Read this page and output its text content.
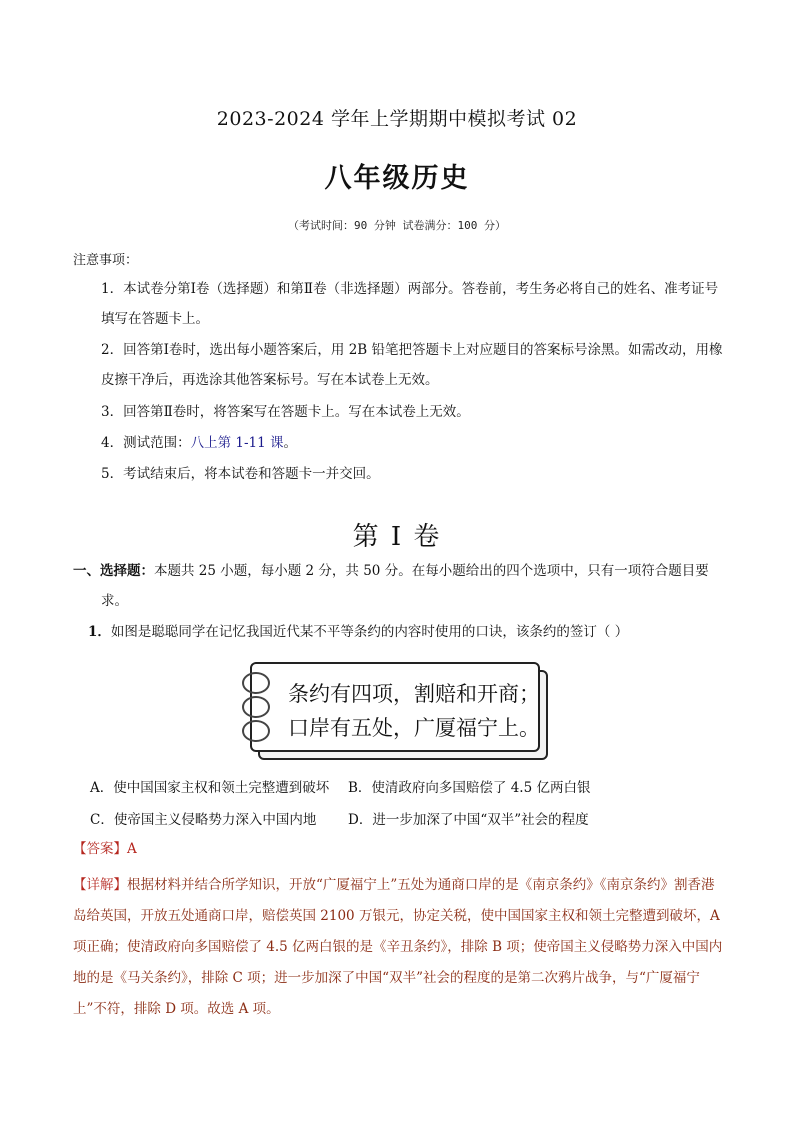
2023-2024 学年上学期期中模拟考试 02
八年级历史
（考试时间：90 分钟 试卷满分：100 分）
注意事项：
1．本试卷分第Ⅰ卷（选择题）和第Ⅱ卷（非选择题）两部分。答卷前，考生务必将自己的姓名、准考证号填写在答题卡上。
2．回答第Ⅰ卷时，选出每小题答案后，用 2B 铅笔把答题卡上对应题目的答案标号涂黑。如需改动，用橡皮擦干净后，再选涂其他答案标号。写在本试卷上无效。
3．回答第Ⅱ卷时，将答案写在答题卡上。写在本试卷上无效。
4．测试范围：八上第 1-11 课。
5．考试结束后，将本试卷和答题卡一并交回。
第 I 卷
一、选择题：本题共 25 小题，每小题 2 分，共 50 分。在每小题给出的四个选项中，只有一项符合题目要
求。
1．如图是聪聪同学在记忆我国近代某不平等条约的内容时使用的口诀，该条约的签订（ ）
条约有四项，割赔和开商；
口岸有五处，广厦福宁上。
A．使中国国家主权和领土完整遭到破坏 B．使清政府向多国赔偿了 4.5 亿两白银
C．使帝国主义侵略势力深入中国内地 D．进一步加深了中国“双半”社会的程度
【答案】A
【详解】根据材料并结合所学知识，开放“广厦福宁上”五处为通商口岸的是《南京条约》《南京条约》割香港岛给英国，开放五处通商口岸，赔偿英国 2100 万银元，协定关税，使中国国家主权和领土完整遭到破坏，A 项正确；使清政府向多国赔偿了 4.5 亿两白银的是《辛丑条约》，排除 B 项；使帝国主义侵略势力深入中国内地的是《马关条约》，排除 C 项；进一步加深了中国“双半”社会的程度的是第二次鸦片战争，与“广厦福宁上”不符，排除 D 项。故选 A 项。
